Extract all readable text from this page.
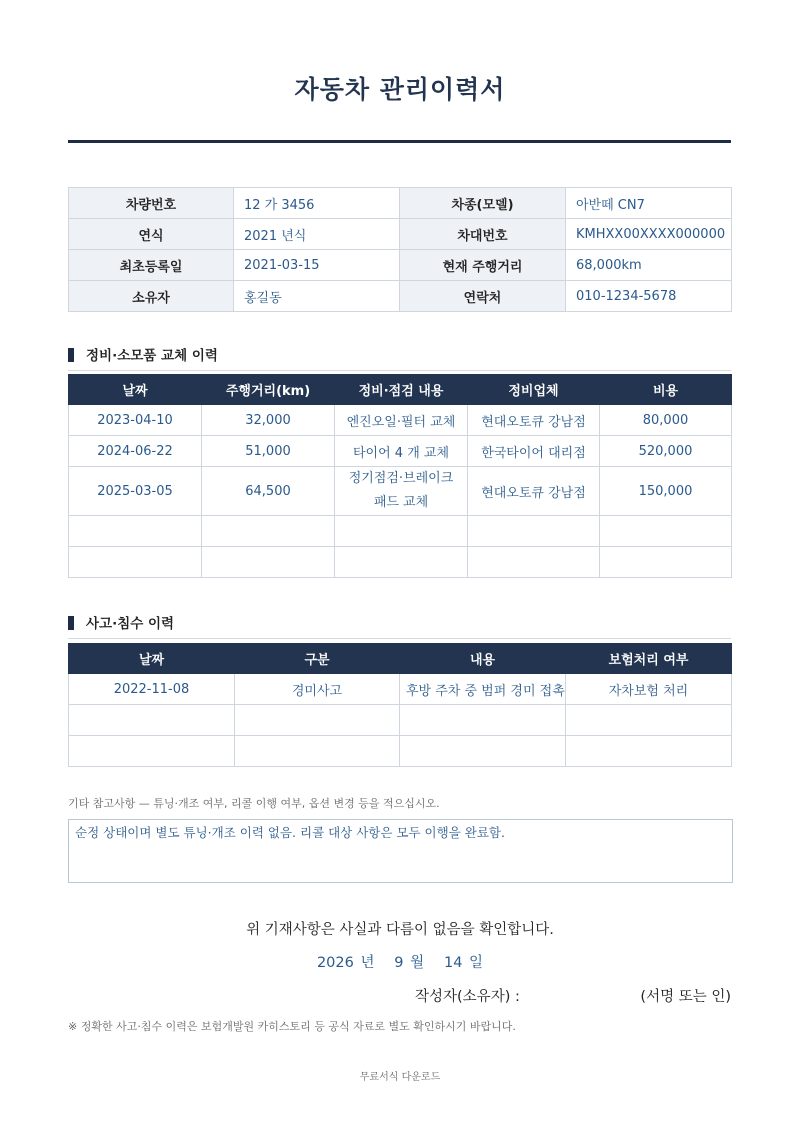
자동차 관리이력서
차량번호	12 가 3456	차종(모델)	아반떼 CN7
연식	2021 년식	차대번호	KMHXX00XXXX000000
최초등록일	2021-03-15	현재 주행거리	68,000km
소유자	홍길동	연락처	010-1234-5678
정비·소모품 교체 이력
날짜	주행거리(km)	정비·점검 내용	정비업체	비용
2023-04-10	32,000	엔진오일·필터 교체	현대오토큐 강남점	80,000
2024-06-22	51,000	타이어 4 개 교체	한국타이어 대리점	520,000
2025-03-05	64,500	정기점검·브레이크 패드 교체	현대오토큐 강남점	150,000

사고·침수 이력
날짜	구분	내용	보험처리 여부
2022-11-08	경미사고	후방 주차 중 범퍼 경미 접촉	자차보험 처리

기타 참고사항 — 튜닝·개조 여부, 리콜 이행 여부, 옵션 변경 등을 적으십시오.
순정 상태이며 별도 튜닝·개조 이력 없음. 리콜 대상 사항은 모두 이행을 완료함.
위 기재사항은 사실과 다름이 없음을 확인합니다.
2026 년 9 월 14 일
작성자(소유자) :	(서명 또는 인)
※ 정확한 사고·침수 이력은 보험개발원 카히스토리 등 공식 자료로 별도 확인하시기 바랍니다.
무료서식 다운로드
